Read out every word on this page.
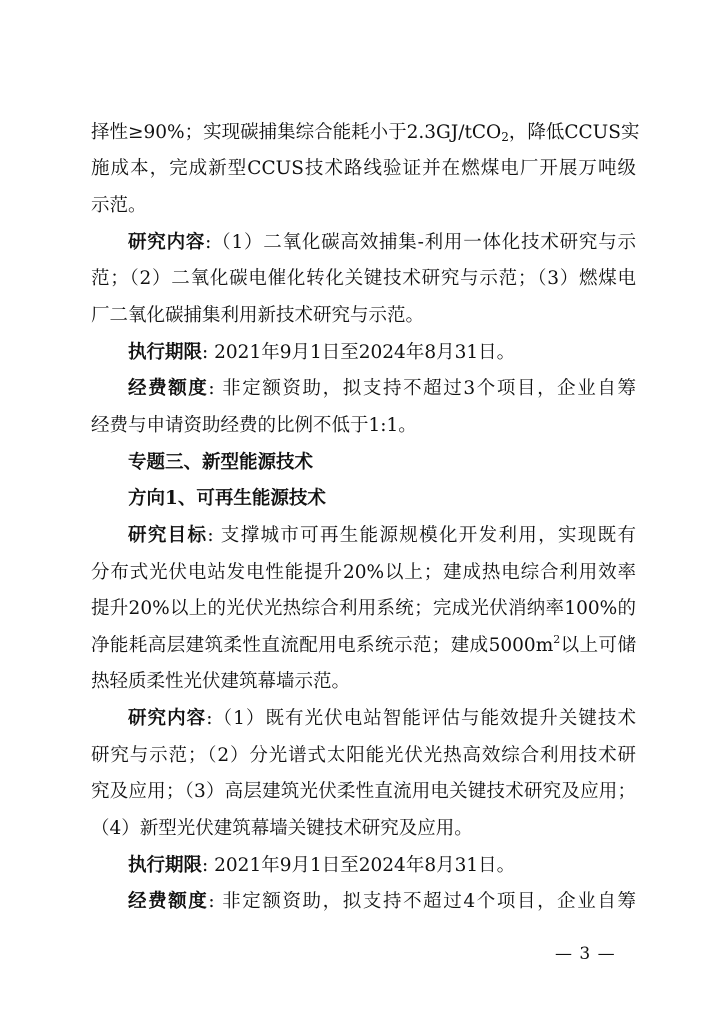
择性≥90%；实现碳捕集综合能耗小于2.3GJ/tCO$_2$，降低CCUS实
施成本，完成新型CCUS技术路线验证并在燃煤电厂开展万吨级
示范。
研究内容:（1）二氧化碳高效捕集-利用一体化技术研究与示
范；（2）二氧化碳电催化转化关键技术研究与示范；（3）燃煤电
厂二氧化碳捕集利用新技术研究与示范。
执行期限: 2021年9月1日至2024年8月31日。
经费额度: 非定额资助，拟支持不超过3个项目，企业自筹
经费与申请资助经费的比例不低于1:1。
专题三、新型能源技术
方向1、可再生能源技术
研究目标: 支撑城市可再生能源规模化开发利用，实现既有
分布式光伏电站发电性能提升20%以上；建成热电综合利用效率
提升20%以上的光伏光热综合利用系统；完成光伏消纳率100%的
净能耗高层建筑柔性直流配用电系统示范；建成$5000m^2$以上可储
热轻质柔性光伏建筑幕墙示范。
研究内容:（1）既有光伏电站智能评估与能效提升关键技术
研究与示范；（2）分光谱式太阳能光伏光热高效综合利用技术研
究及应用；（3）高层建筑光伏柔性直流用电关键技术研究及应用；
（4）新型光伏建筑幕墙关键技术研究及应用。
执行期限: 2021年9月1日至2024年8月31日。
经费额度: 非定额资助，拟支持不超过4个项目，企业自筹
— 3 —
